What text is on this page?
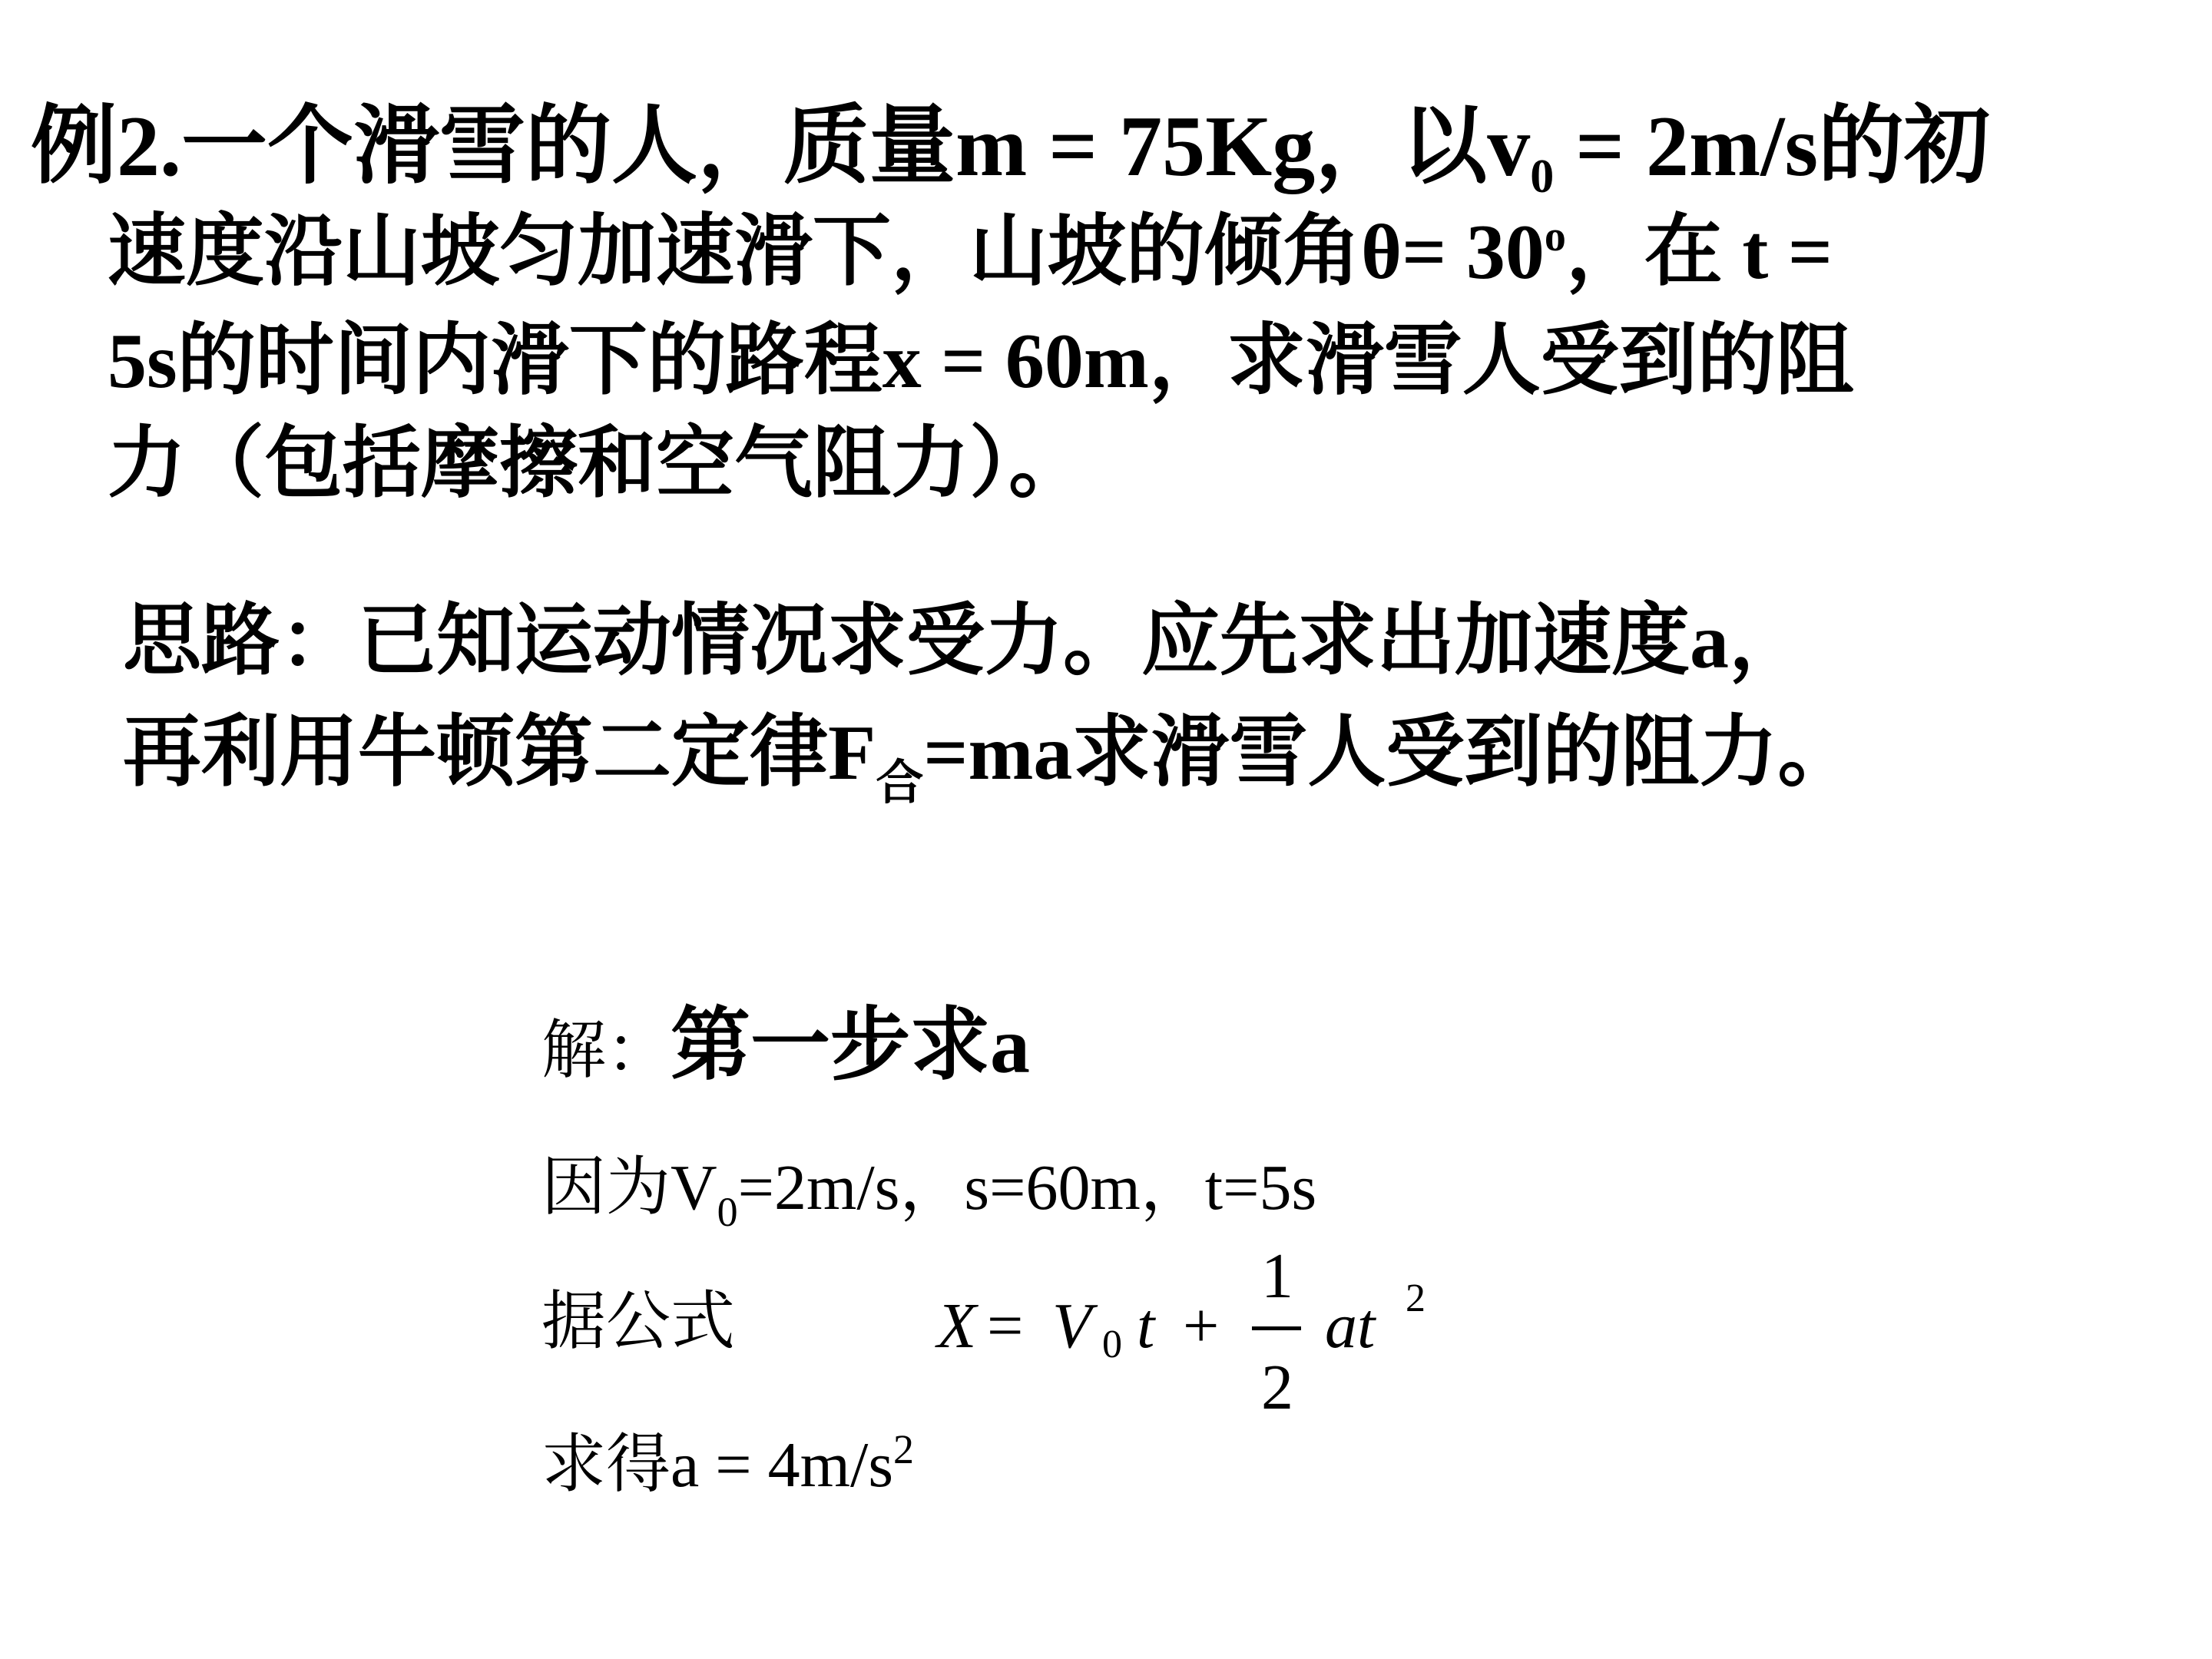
例2.一个滑雪的人，质量m = 75Kg，以v0 = 2m/s的初
速度沿山坡匀加速滑下，山坡的倾角$\theta= 30^o$，在 t =
5s的时间内滑下的路程x = 60m，求滑雪人受到的阻
力（包括摩擦和空气阻力）。
思路：已知运动情况求受力。应先求出加速度a，
再利用牛顿第二定律$F_合=ma$求滑雪人受到的阻力。
解：第一步求a
因为$V_0=2m/s$，s=60m，t=5s
据公式	X = V 0 t +
1
2
at 2
求得$a = 4m/s^2$
